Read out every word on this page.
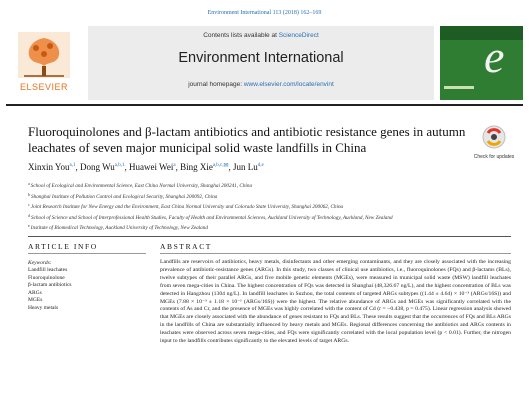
Environment International 113 (2018) 162–169
ELSEVIER
Contents lists available at ScienceDirect
Environment International
journal homepage: www.elsevier.com/locate/envint
e
Fluoroquinolones and β-lactam antibiotics and antibiotic resistance genes in autumn leachates of seven major municipal solid waste landfills in China
Check for updates
Xinxin You$^{a,1}$, Dong Wu$^{a,b,1}$, Huawei Wei$^a$, Bing Xie$^{a,b,c,✉}$, Jun Lu$^{d,e}$
$^a$School of Ecological and Environmental Science, East China Normal University, Shanghai 200241, China
$^b$Shanghai Institute of Pollution Control and Ecological Security, Shanghai 200092, China
$^c$Joint Research Institute for New Energy and the Environment, East China Normal University and Colorado State University, Shanghai 200062, China
$^d$School of Science and School of Interprofessional Health Studies, Faculty of Health and Environmental Sciences, Auckland University of Technology, Auckland, New Zealand
$^e$Institute of Biomedical Technology, Auckland University of Technology, New Zealand
ARTICLE INFO	ABSTRACT
Keywords:
Landfill leachates
Fluoroquinolone
β-lactam antibiotics
ARGs
MGEs
Heavy metals
Landfills are reservoirs of antibiotics, heavy metals, disinfectants and other emerging contaminants, and they are closely associated with the increasing prevalence of antibiotic-resistance genes (ARGs). In this study, two classes of clinical use antibiotics, i.e., fluoroquinolones (FQs) and β-lactams (BLs), twelve subtypes of their parallel ARGs, and five mobile genetic elements (MGEs), were measured in municipal solid waste (MSW) landfill leachates from seven mega-cities in China. The highest concentration of FQs was detected in Shanghai (48,326.67 ng/L), and the highest concentration of BLs was detected in Hangzhou (1304 ng/L). In landfill leachates in Suzhou, the total contents of targeted ARGs subtypes ((1.44 ± 4.64) × 10⁻³ (ARGs/16S)) and MGEs (7.88 × 10⁻³ ± 1.18 × 10⁻¹ (ARGs/16S)) were the highest. The relative abundance of ARGs and MGEs was significantly correlated with the contents of As and Cr, and the presence of MGEs was highly correlated with the content of Cd (r = −0.438, p = 0.475). Linear regression analysis showed that MGEs are closely associated with the abundance of genes resistant to FQs and BLs. These results suggest that the occurrences of FQs and BLs ARGs in the landfills of China are substantially influenced by heavy metals and MGEs. Regional differences concerning the antibiotics and ARGs contents in leachates were observed across seven mega-cities, and FQs were significantly correlated with the local population level (p < 0.01). Further, the nitrogen input to the landfills contributes significantly to the elevated levels of target ARGs.
